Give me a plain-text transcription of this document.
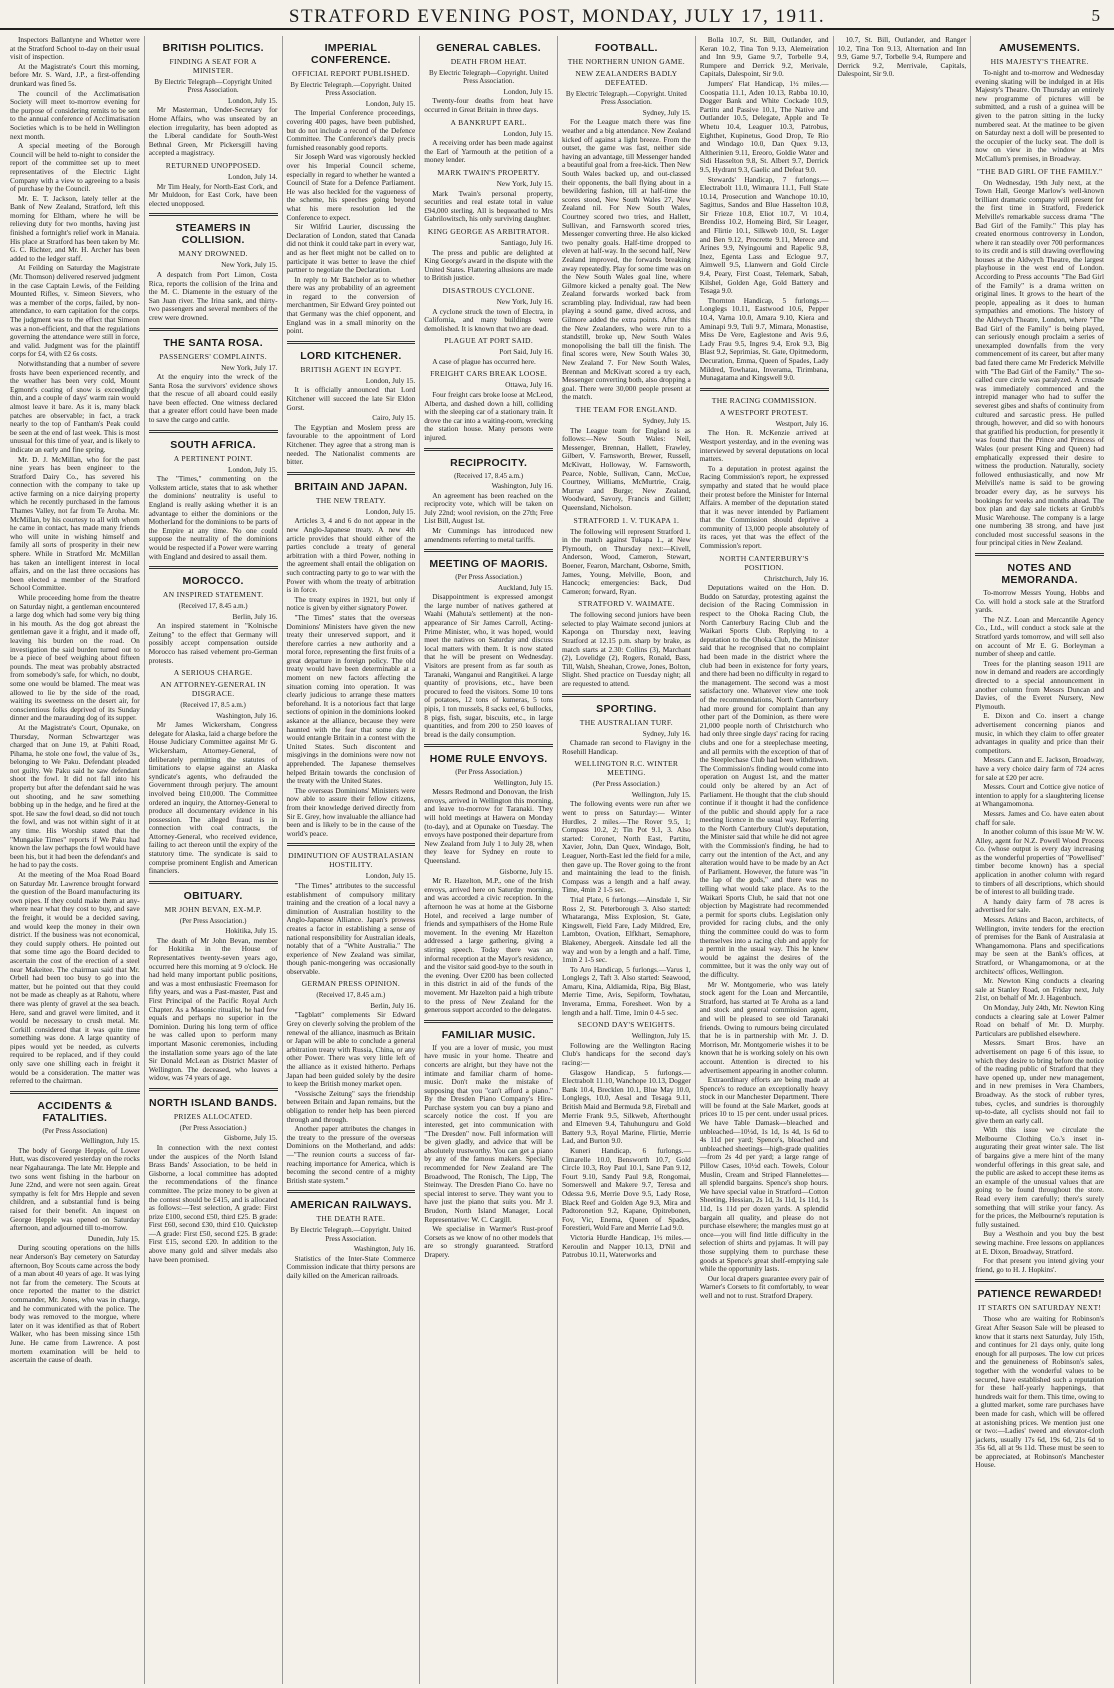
STRATFORD EVENING POST, MONDAY, JULY 17, 1911.	5

Inspectors Ballantyne and Whetter were at the Stratford School to-day on their usual visit of inspection.

At the Magistrate's Court this morning, before Mr. S. Ward, J.P., a first-offending drunkard was fined 5s.

The council of the Acclimatisation Society will meet to-morrow evening for the purpose of considering remits to be sent to the annual conference of Acclimatisation Societies which is to be held in Wellington next month.

A special meeting of the Borough Council will be held to-night to consider the report of the committee set up to meet representatives of the Electric Light Company with a view to agreeing to a basis of purchase by the Council.

Mr. E. T. Jackson, lately teller at the Bank of New Zealand, Stratford, left this morning for Eltham, where he will be relieving duty for two months, having just finished a fortnight's relief work in Manaia. His place at Stratford has been taken by Mr. G. C. Richter, and Mr. H. Archer has been added to the ledger staff.

At Feilding on Saturday the Magistrate (Mr. Thomson) delivered reserved judgment in the case Captain Lewis, of the Feilding Mounted Rifles, v. Simeon Sievers, who was a member of the corps, failed, by non-attendance, to earn capitation for the corps. The judgment was to the effect that Simeon was a non-efficient, and that the regulations governing the attendance were still in force, and valid. Judgment was for the plaintiff corps for £4, with £2 6s costs.

Notwithstanding that a number of severe frosts have been experienced recently, and the weather has been very cold, Mount Egmont's coating of snow is exceedingly thin, and a couple of days' warm rain would almost leave it bare. As it is, many black patches are observable; in fact, a track nearly to the top of Fantham's Peak could be seen at the end of last week. This is most unusual for this time of year, and is likely to indicate an early and fine spring.

Mr. D. J. McMillan, who for the past nine years has been engineer to the Stratford Dairy Co., has severed his connection with the company to take up active farming on a nice dairying property which he recently purchased in the famous Thames Valley, not far from Te Aroha. Mr. McMillan, by his courtesy to all with whom he came in contact, has made many friends who will unite in wishing himself and family all sorts of prosperity in their new sphere. While in Stratford Mr. McMillan has taken an intelligent interest in local affairs, and on the last three occasions has been elected a member of the Stratford School Committee.

While proceeding home from the theatre on Saturday night, a gentleman encountered a large dog which had some very big thing in his mouth. As the dog got abreast the gentleman gave it a fright, and it made off, leaving his burden on the road. On investigation the said burden turned out to be a piece of beef weighing about fifteen pounds. The meat was probably abstracted from somebody's safe, for which, no doubt, some one would be blamed. The meat was allowed to lie by the side of the road, waiting its sweetness on the desert air, for conscientious folks deprived of its Sunday dinner and the marauding dog of its supper.

At the Magistrate's Court, Opunake, on Thursday, Norman Schwartzger was charged that on June 19, at Pahiti Road, Pihama, he stole one fowl, the value of 3s., belonging to We Paku. Defendant pleaded not guilty. We Paku said he saw defendant shoot the fowl. It did not fall into his property but after the defendant said he was out shooting, and he saw something bobbing up in the hedge, and he fired at the spot. He saw the fowl dead, so did not touch the fowl, and was not within sight of it at any time. His Worship stated that the "Mungaike Times" reports if We Paku had known the law perhaps the fowl would have been his, but it had been the defendant's and he had to pay the costs.

At the meeting of the Moa Road Board on Saturday Mr. Lawrence brought forward the question of the Board manufacturing its own pipes. If they could make them at any-where near what they cost to buy, and save the freight, it would be a decided saving, and would keep the money in their own district. If the business was not economical, they could supply others. He pointed out that some time ago the Board decided to ascertain the cost of the erection of a steel near Makeitee. The chairman said that Mr. Orbell had been too busy to go into the matter, but he pointed out that they could not be made as cheaply as at Rahotu, where there was plenty of gravel at the sea beach. Here, sand and gravel were limited, and it would be necessary to crush metal. Mr. Corkill considered that it was quite time something was done. A large quantity of pipes would yet be needed, as culverts required to be replaced, and if they could only save one shilling each in freight it would be a consideration. The matter was referred to the chairman.

ACCIDENTS & FATALITIES.
(Per Press Association)
Wellington, July 15.

The body of George Hepple, of Lower Hutt, was discovered yesterday on the rocks near Ngahauranga. The late Mr. Hepple and two sons went fishing in the harbour on June 22nd, and were not seen again. Great sympathy is felt for Mrs Hepple and seven children, and a substantial fund is being raised for their benefit. An inquest on George Hepple was opened on Saturday afternoon, and adjourned till to-morrow.

Dunedin, July 15.

During scouting operations on the hills near Anderson's Bay cemetery on Saturday afternoon, Boy Scouts came across the body of a man about 40 years of age. It was lying not far from the cemetery. The Scouts at once reported the matter to the district commander, Mr. Jones, who was in charge, and he communicated with the police. The body was removed to the morgue, where later on it was identified as that of Robert Walker, who has been missing since 15th June. He came from Lawrence. A post mortem examination will be held to ascertain the cause of death.

BRITISH POLITICS.
FINDING A SEAT FOR A MINISTER.
By Electric Telegraph—Copyright United Press Association.
London, July 15.

Mr Masterman, Under-Secretary for Home Affairs, who was unseated by an election irregularity, has been adopted as the Liberal candidate for South-West Bethnal Green, Mr Pickersgill having accepted a magistracy.

RETURNED UNOPPOSED.
London, July 14.

Mr Tim Healy, for North-East Cork, and Mr Muldoon, for East Cork, have been elected unopposed.

STEAMERS IN COLLISION.
MANY DROWNED.
New York, July 15.

A despatch from Port Limon, Costa Rica, reports the collision of the Irina and the M. C. Diamente in the estuary of the San Juan river. The Irina sank, and thirty-two passengers and several members of the crew were drowned.

THE SANTA ROSA.
PASSENGERS' COMPLAINTS.
New York, July 17.

At the enquiry into the wreck of the Santa Rosa the survivors' evidence shows that the rescue of all aboard could easily have been effected. One witness declared that a greater effort could have been made to save the cargo and cattle.

SOUTH AFRICA.
A PERTINENT POINT.
London, July 15.

The "Times," commenting on the Volkstem article, states that to ask whether the dominions' neutrality is useful to England is really asking whether it is an advantage to either the dominions or the Motherland for the dominions to be parts of the Empire at any time. No one could suppose the neutrality of the dominions would be respected if a Power were warring with England and desired to assail them.

MOROCCO.
AN INSPIRED STATEMENT.
(Received 17, 8.45 a.m.)
Berlin, July 16.

An inspired statement in "Kolnische Zeitung" to the effect that Germany will possibly accept compensation outside Morocco has raised vehement pro-German protests.

A SERIOUS CHARGE.
AN ATTORNEY-GENERAL IN DISGRACE.
(Received 17, 8.5 a.m.)
Washington, July 16.

Mr James Wickersham, Congress delegate for Alaska, laid a charge before the House Judiciary Committee against Mr G. Wickersham, Attorney-General, of deliberately permitting the statutes of limitations to elapse against an Alaska syndicate's agents, who defrauded the Government through perjury. The amount involved being £10,000. The Committee ordered an inquiry, the Attorney-General to produce all documentary evidence in his possession. The alleged fraud is in connection with coal contracts, the Attorney-General, who received evidence, failing to act thereon until the expiry of the statutory time. The syndicate is said to comprise prominent English and American financiers.

OBITUARY.
MR JOHN BEVAN, EX-M.P.
(Per Press Association.)
Hokitika, July 15.

The death of Mr John Bevan, member for Hokitika in the House of Representatives twenty-seven years ago, occurred here this morning at 9 o'clock. He had held many important public positions, and was a most enthusiastic Freemason for fifty years, and was a Past-master, Past and First Principal of the Pacific Royal Arch Chapter. As a Masonic ritualist, he had few equals and perhaps no superior in the Dominion. During his long term of office he was called upon to perform many important Masonic ceremonies, including the installation some years ago of the late Sir Donald McLean as District Master of Wellington. The deceased, who leaves a widow, was 74 years of age.

NORTH ISLAND BANDS.
PRIZES ALLOCATED.
(Per Press Association.)
Gisborne, July 15.

In connection with the next contest under the auspices of the North Island Brass Bands' Association, to be held in Gisborne, a local committee has adopted the recommendations of the finance committee. The prize money to be given at the contest should be £415, and is allocated as follows:—Test selection, A grade: First prize £100, second £50, third £25. B grade: First £60, second £30, third £10. Quickstep—A grade: First £50, second £25. B grade: First £15, second £20. In addition to the above many gold and silver medals also have been promised.

IMPERIAL CONFERENCE.
OFFICIAL REPORT PUBLISHED.
By Electric Telegraph.—Copyright. United Press Association.
London, July 15.

The Imperial Conference proceedings, covering 400 pages, have been published, but do not include a record of the Defence Committee. The Conference's daily precis furnished reasonably good reports.

Sir Joseph Ward was vigorously heckled over his Imperial Council scheme, especially in regard to whether he wanted a Council of State for a Defence Parliament. He was also heckled for the vagueness of the scheme, his speeches going beyond what his mere resolution led the Conference to expect.

Sir Wilfrid Laurier, discussing the Declaration of London, stated that Canada did not think it could take part in every war, and as her fleet might not be called on to participate it was better to leave the chief partner to negotiate the Declaration.

In reply to Mr Batchelor as to whether there was any probability of an agreement in regard to the conversion of merchantmen, Sir Edward Grey pointed out that Germany was the chief opponent, and England was in a small minority on the point.

LORD KITCHENER.
BRITISH AGENT IN EGYPT.
London, July 15.

It is officially announced that Lord Kitchener will succeed the late Sir Eldon Gorst.

Cairo, July 15.

The Egyptian and Moslem press are favourable to the appointment of Lord Kitchener. They agree that a strong man is needed. The Nationalist comments are bitter.

BRITAIN AND JAPAN.
THE NEW TREATY.
London, July 15.

Articles 3, 4 and 6 do not appear in the new Anglo-Japanese treaty. A new 4th article provides that should either of the parties conclude a treaty of general arbitration with a third Power, nothing in the agreement shall entail the obligation on such contracting party to go to war with the Power with whom the treaty of arbitration is in force.

The treaty expires in 1921, but only if notice is given by either signatory Power.

"The Times" states that the overseas Dominions' Ministers have given the new treaty their unreserved support, and it therefore carries a new authority and a moral force, representing the first fruits of a great departure in foreign policy. The old treaty would have been determinable at a moment on new factors affecting the situation coming into operation. It was clearly judicious to arrange these matters beforehand. It is a notorious fact that large sections of opinion in the dominions looked askance at the alliance, because they were haunted with the fear that some day it would entangle Britain in a contest with the United States. Such discontent and misgivings in the dominions were now not apprehended. The Japanese themselves helped Britain towards the conclusion of the treaty with the United States.

The overseas Dominions' Ministers were now able to assure their fellow citizens, from their knowledge derived directly from Sir E. Grey, how invaluable the alliance had been and is likely to be in the cause of the world's peace.

DIMINUTION OF AUSTRALASIAN HOSTILITY.
London, July 15.

"The Times" attributes to the successful establishment of compulsory military training and the creation of a local navy a diminution of Australian hostility to the Anglo-Japanese Alliance. Japan's prowess creates a factor in establishing a sense of national responsibility for Australian ideals, notably that of a "White Australia." The experience of New Zealand was similar, though panic-mongering was occasionally observable.

GERMAN PRESS OPINION.
(Received 17, 8.45 a.m.)
Berlin, July 16.

"Tagblatt" complements Sir Edward Grey on cleverly solving the problem of the renewal of the alliance, inasmuch as Britain or Japan will be able to conclude a general arbitration treaty with Russia, China, or any other Power. There was very little left of the alliance as it existed hitherto. Perhaps Japan had been guided solely by the desire to keep the British money market open.

"Vossische Zeitung" says the friendship between Britain and Japan remains, but the obligation to render help has been pierced through and through.

Another paper attributes the changes in the treaty to the pressure of the overseas Dominions on the Motherland, and adds:—"The reunion courts a success of far-reaching importance for America, which is becoming the second centre of a mighty British state system."

AMERICAN RAILWAYS.
THE DEATH RATE.
By Electric Telegraph.—Copyright. United Press Association.
Washington, July 16.

Statistics of the Inter-State Commerce Commission indicate that thirty persons are daily killed on the American railroads.

GENERAL CABLES.
DEATH FROM HEAT.
By Electric Telegraph—Copyright. United Press Association.
London, July 15.

Twenty-four deaths from heat have occurred in Great Britain in three days.

A BANKRUPT EARL.
London, July 15.

A receiving order has been made against the Earl of Yarmouth at the petition of a money lender.

MARK TWAIN'S PROPERTY.
New York, July 15.

Mark Twain's personal property, securities and real estate total in value £94,000 sterling. All is bequeathed to Mrs Gabrilowitsch, his only surviving daughter.

KING GEORGE AS ARBITRATOR.
Santiago, July 16.

The press and public are delighted at King George's award in the dispute with the United States. Flattering allusions are made to British justice.

DISASTROUS CYCLONE.
New York, July 16.

A cyclone struck the town of Electra, in California, and many buildings were demolished. It is known that two are dead.

PLAGUE AT PORT SAID.
Port Said, July 16.

A case of plague has occurred here.

FREIGHT CARS BREAK LOOSE.
Ottawa, July 16.

Four freight cars broke loose at McLeod, Alberta, and dashed down a hill, colliding with the sleeping car of a stationary train. It drove the car into a waiting-room, wrecking the station house. Many persons were injured.

RECIPROCITY.
(Received 17, 8.45 a.m.)
Washington, July 16.

An agreement has been reached on the reciprocity vote, which will be taken on July 22nd; wool revision, on the 27th; Free List Bill, August 1st.

Mr Cummings has introduced new amendments referring to metal tariffs.

MEETING OF MAORIS.
(Per Press Association.)
Auckland, July 15.

Disappointment is expressed amongst the large number of natives gathered at Waahi (Mahuta's settlement) at the non-appearance of Sir James Carroll, Acting-Prime Minister, who, it was hoped, would meet the natives on Saturday and discuss local matters with them. It is now stated that he will be present on Wednesday. Visitors are present from as far south as Taranaki, Wanganui and Rangitikei. A large quantity of provisions, etc., have been procured to feed the visitors. Some 10 tons of potatoes, 12 tons of kumeras, 5 tons pipis, 1 ton mussels, 8 sacks eel, 6 bullocks, 8 pigs, fish, sugar, biscuits, etc., in large quantities, and from 200 to 250 loaves of bread is the daily consumption.

HOME RULE ENVOYS.
(Per Press Association.)
Wellington, July 15.

Messrs Redmond and Donovan, the Irish envoys, arrived in Wellington this morning, and leave to-morrow for Taranaki. They will hold meetings at Hawera on Monday (to-day), and at Opunake on Tuesday. The envoys have postponed their departure from New Zealand from July 1 to July 28, when they leave for Sydney en route to Queensland.

Gisborne, July 15.

Mr R. Hazelton, M.P., one of the Irish envoys, arrived here on Saturday morning, and was accorded a civic reception. In the afternoon he was at home at the Gisborne Hotel, and received a large number of friends and sympathisers of the Home Rule movement. In the evening Mr Hazelton addressed a large gathering, giving a stirring speech. Today there was an informal reception at the Mayor's residence, and the visitor said good-bye to the south in the evening. Over £200 has been collected in this district in aid of the funds of the movement. Mr Hazelton paid a high tribute to the press of New Zealand for the generous support accorded to the delegates.

FAMILIAR MUSIC.

If you are a lover of music, you must have music in your home. Theatre and concerts are alright, but they have not the intimate and familiar charm of home-music. Don't make the mistake of supposing that you "can't afford a piano." By the Dresden Piano Company's Hire-Purchase system you can buy a piano and scarcely notice the cost. If you are interested, get into communication with "The Dresden" now. Full information will be given gladly, and advice that will be absolutely trustworthy. You can get a piano by any of the famous makers. Specially recommended for New Zealand are The Broadwood, The Ronisch, The Lipp, The Steinway. The Dresden Piano Co. have no special interest to serve. They want you to have just the piano that suits you. Mr J. Brudon, North Island Manager, Local Representative: W. C. Cargill.

We specialise in Warmer's Rust-proof Corsets as we know of no other models that are so strongly guaranteed. Stratford Drapery.

FOOTBALL.
THE NORTHERN UNION GAME.
NEW ZEALANDERS BADLY DEFEATED.
By Electric Telegraph.—Copyright. United Press Association.
Sydney, July 15.

For the League match there was fine weather and a big attendance. New Zealand kicked off against a light breeze. From the outset, the game was fast, neither side having an advantage, till Messenger handed a beautiful goal from a free-kick. Then New South Wales backed up, and out-classed their opponents, the ball flying about in a bewildering fashion, till at half-time the scores stood, New South Wales 27, New Zealand nil. For New South Wales, Courtney scored two tries, and Hallett, Sullivan, and Farnsworth scored tries, Messenger converting three. He also kicked two penalty goals. Half-time dropped to eleven at half-way. In the second half, New Zealand improved, the forwards breaking away repeatedly. Play for some time was on the New South Wales goal line, where Gilmore kicked a penalty goal. The New Zealand forwards worked back from scrambling play. Individual, raw had been playing a sound game, dived across, and Gilmore added the extra points. After this the New Zealanders, who were run to a standstill, broke up, New South Wales monopolising the ball till the finish. The final scores were, New South Wales 30, New Zealand 7. For New South Wales, Brennan and McKivatt scored a try each, Messenger converting both, also dropping a goal. There were 30,000 people present at the match.

THE TEAM FOR ENGLAND.
Sydney, July 15.

The League team for England is as follows:—New South Wales: Neil, Messenger, Brennan, Hallett, Frawley, Gilbert, V. Farnsworth, Brewer, Russell, McKivatt, Holloway, W. Farnsworth, Pearce, Noble, Sullivan, Cann, McCue, Courtney, Williams, McMurtrie, Craig, Murray and Burge; New Zealand, Woodward, Savory, Francis and Gillett; Queensland, Nicholson.

STRATFORD 1. V. TUKAPA 1.

The following will represent Stratford 1. in the match against Tukapa 1., at New Plymouth, on Thursday next:—Kivell, Anderson, Wood, Cameron, Stewart, Boener, Fearon, Marchant, Osborne, Smith, James, Young, Melville, Boon, and Hancock; emergencies: Back, Dud Cameron; forward, Ryan.

STRATFORD V. WAIMATE.

The following second juniors have been selected to play Waimate second juniors at Kaponga on Thursday next, leaving Stratford at 12.15 p.m. sharp by brake, as match starts at 2.30: Collins (3), Marchant (2), Lovelidge (2), Rogers, Ronald, Bass, Till, Walsh, Sheahan, Crowe, Jones, Bolton, Slight. Shed practice on Tuesday night; all are requested to attend.

SPORTING.
THE AUSTRALIAN TURF.
Sydney, July 16.

Chamade ran second to Flavigny in the Rosehill Handicap.

WELLINGTON R.C. WINTER MEETING.
(Per Press Association.)
Wellington, July 15.

The following events were run after we went to press on Saturday:— Winter Hurdles, 2 miles.—The Rover 9.5, 1; Compass 10.2, 2; Tin Pot 9.1, 3. Also started: Coronet, North East, Partitu, Xavier, John, Dan Quex, Windago, Bolt, Leaguer, North-East led the field for a mile, then gave up. The Rover going to the front and maintaining the lead to the finish. Compass was a length and a half away. Time, 4min 2 1-5 sec.

Trial Plate, 6 furlongs.—Ainsdale 1, Sir Ross 2, St. Peterborough 3. Also started: Whataranga, Miss Explosion, St. Gate, Kingswell, Field Fare, Lady Mildred, Ere, Lambton, Ovation, Elfkhart, Semaphore, Blakeney, Abergeek. Ainsdale led all the way and won by a length and a half. Time, 1min 2 1-5 sec.

To Aro Handicap, 5 furlongs.—Varus 1, Longlegs 2, Taft 3. Also started: Seawood, Amaru, Kina, Aldiamida, Ripa, Big Blast, Merrie Time, Avis, Sepiform, Towhatau, Inverama, Emma, Foresheet. Won by a length and a half. Time, 1min 0 4-5 sec.

SECOND DAY'S WEIGHTS.
Wellington, July 15.

Following are the Wellington Racing Club's handicaps for the second day's racing:—

Glasgow Handicap, 5 furlongs.—Electrabolt 11.10, Wanchope 10.13, Dogger Bank 10.4, Brecklen 10.1, Blue May 10.0, Longlegs, 10.0, Aesal and Tesaga 9.11, British Maid and Bermuda 9.8, Fireball and Merrie Frank 9.5, Silkweb, Afterthought and Elmeven 9.4, Tahuhunguru and Gold Battery 9.3, Royal Marine, Flirtie, Merrie Lad, and Burton 9.0.

Kuneri Handicap, 6 furlongs.—Cimarelle 10.0, Bensworth 10.7, Gold Circle 10.3, Roy Paul 10.1, Sane Pan 9.12, Fourt 9.10, Sandy Paul 9.8, Rongomai, Somerswell and Makere 9.7, Teresa and Odessa 9.6, Merrie Dove 9.5, Lady Rose, Black Reef and Golden Age 9.3, Mira and Padtoronetion 9.2, Kapane, Opitrebonen, Fov, Vic, Enema, Queen of Spades, Forestieri, Wold Fare and Merrie Lad 9.0.

Victoria Hurdle Handicap, 1½ miles.—Keroulin and Napper 10.13, D'Nil and Patrobus 10.11, Waterworks and

Bolla 10.7, St. Bill, Outlander, and Keran 10.2, Tina Ton 9.13, Alemeiration and Inn 9.9, Game 9.7, Torbelle 9.4, Rumpere and Derrick 9.2, Merivale, Capitals, Dalespoint, Sir 9.0.

Jumpers' Flat Handicap, 1½ miles.—Coospatia 11.1, Aden 10.13, Rabba 10.10, Dogger Bank and White Cockade 10.9, Partitu and Passive 10.1, The Native and Outlander 10.5, Delegate, Apple and Te Whetu 10.4, Leaguer 10.3, Patrobus, Eighthet, Kupinetus, Good Drop, Te Rio and Windago 10.0, Dan Quex 9.13, Altherinien 9.11, Ereoro, Goldie Water and Sidi Hasselton 9.8, St. Albert 9.7, Derrick 9.5, Hydrant 9.3, Gaelic and Defeat 9.0.

Stewards' Handicap, 7 furlongs.—Electrabolt 11.0, Wimaura 11.1, Full State 10.14, Prosecution and Wanchope 10.10, Sagittus, Sandos and Blue Hasselton 10.8, Sir Frieze 10.8, Eliot 10.7, Vi 10.4, Brendiss 10.2, Homeing Bird, Sir Leager, and Flirtie 10.1, Silkweb 10.0, St. Leger and Ben 9.12, Procrette 9.11, Merece and Arines 9.9, Nyingoumi and Rapelic 9.8, Inez, Egenta Lass and Eclogue 9.7, Aimwell 9.5, Llanwern and Gold Circle 9.4, Peary, First Coast, Telemark, Sabah, Kilshel, Golden Age, Gold Battery and Tesaga 9.0.

Thornton Handicap, 5 furlongs.—Longlegs 10.11, Eastwood 10.6, Pepper 10.4, Varna 10.0, Amara 9.10, Kiera and Aminapi 9.9, Tuli 9.7, Mimara, Monastise, Miss De Vere, Eaglestone and Avis 9.6, Lady Frau 9.5, Ingres 9.4, Erok 9.3, Big Blast 9.2, Seprimias, St. Gate, Opitmedorm, Decuration, Emma, Queen of Spades, Lady Mildred, Towhatau, Inverama, Tirimbana, Munagatama and Kingswell 9.0.

THE RACING COMMISSION.
A WESTPORT PROTEST.
Westport, July 16.

The Hon. R. McKenzie arrived at Westport yesterday, and in the evening was interviewed by several deputations on local matters.

To a deputation in protest against the Racing Commission's report, he expressed sympathy and stated that he would place their protest before the Minister for Internal Affairs. A member of the deputation stated that it was never intended by Parliament that the Commission should deprive a community of 13,000 people absolutely of its races, yet that was the effect of the Commission's report.

NORTH CANTERBURY'S POSITION.
Christchurch, July 16.

Deputations waited on the Hon. D. Buddo on Saturday, protesting against the decision of the Racing Commission in respect to the Ohoka Racing Club, the North Canterbury Racing Club and the Waikari Sports Club. Replying to a deputation to the Ohoka Club, the Minister said that he recognised that no complaint had been made in the district where the club had been in existence for forty years, and there had been no difficulty in regard to the management. The second was a most satisfactory one. Whatever view one took of the recommendations, North Canterbury had more ground for complaint than any other part of the Dominion, as there were 21,000 people north of Christchurch who had only three single days' racing for racing clubs and one for a steeplechase meeting, and all permits with the exception of that of the Steeplechase Club had been withdrawn. The Commission's finding would come into operation on August 1st, and the matter could only be altered by an Act of Parliament. He thought that the club should continue if it thought it had the confidence of the public and should apply for a race meeting licence in the usual way. Referring to the North Canterbury Club's deputation, the Minister said that while he did not agree with the Commission's finding, he had to carry out the intention of the Act, and any alteration would have to be made by an Act of Parliament. However, the future was "in the lap of the gods," and there was no telling what would take place. As to the Waikari Sports Club, he said that not one objection by Magistrate had recommended a permit for sports clubs. Legislation only provided for racing clubs, and the only thing the committee could do was to form themselves into a racing club and apply for a permit in the usual way. This he knew would be against the desires of the committee, but it was the only way out of the difficulty.

Mr W. Montgomerie, who was lately stock agent for the Loan and Mercantile, Stratford, has started at Te Aroha as a land and stock and general commission agent, and will be pleased to see old Taranaki friends. Owing to rumours being circulated that he is in partnership with Mr. J. D. Morrison, Mr. Montgomerie wishes it to be known that he is working solely on his own account. Attention is directed to his advertisement appearing in another column.

Extraordinary efforts are being made at Spence's to reduce an exceptionally heavy stock in our Manchester Department. There will be found at the Sale Market, goods at prices 10 to 15 per cent. under usual prices. We have Table Damask—bleached and unbleached—10½d, 1s 1d, 1s 4d, 1s 6d to 4s 11d per yard; Spence's, bleached and unbleached sheetings—high-grade qualities—from 2s 4d per yard; a large range of Pillow Cases, 10½d each. Towels, Colour Muslin, Cream and Striped Flannelettes—all splendid bargains. Spence's shop hours. We have special value in Stratford—Cotton Sheeting, Hessian, 2s 1d, 3s 11d, 1s 11d, 1s 11d, 1s 11d per dozen yards. A splendid bargain all quality, and please do not purchase elsewhere; the mangles must go at once—you will find little difficulty in the selection of shirts and pyjamas. It will pay those supplying them to purchase these goods at Spence's great shelf-emptying sale while the opportunity lasts.

Our local drapers guarantee every pair of Warner's Corsets to fit comfortably, to wear well and not to rust. Stratford Drapery.

10.7, St. Bill, Outlander, and Ranger 10.2, Tina Ton 9.13, Alternation and Inn 9.9, Game 9.7, Torbelle 9.4, Rumpere and Derrick 9.2, Merrivale, Capitals, Dalespoint, Sir 9.0.

AMUSEMENTS.
HIS MAJESTY'S THEATRE.

To-night and to-morrow and Wednesday evening skating will be indulged in at His Majesty's Theatre. On Thursday an entirely new programme of pictures will be submitted, and a rush of a guinea will be given to the patron sitting in the lucky numbered seat. At the matinee to be given on Saturday next a doll will be presented to the occupier of the lucky seat. The doll is now on view in the window at Mrs McCallum's premises, in Broadway.

"THE BAD GIRL OF THE FAMILY."

On Wednesday, 19th July next, at the Town Hall, George Marlow's well-known brilliant dramatic company will present for the first time in Stratford, Frederick Melville's remarkable success drama "The Bad Girl of the Family." This play has created enormous controversy in London, where it ran steadily over 700 performances to its credit and is still drawing overflowing houses at the Aldwych Theatre, the largest playhouse in the west end of London. According to Press accounts "The Bad Girl of the Family" is a drama written on original lines. It grows to the heart of the people, appealing as it does to human sympathies and emotions. The history of the Aldwych Theatre, London, where "The Bad Girl of the Family" is being played, can seriously enough proclaim a series of unexampled downfalls from the very commencement of its career, but after many bad fated there came Mr Frederick Melville with "The Bad Girl of the Family." The so-called cure circle was paralyzed. A crusade was immediately commenced and the intrepid manager who had to suffer the severest gibes and shafts of continuity from cultured and sarcastic press. He pulled through, however, and did so with honours that gratified his production, for presently it was found that the Prince and Princess of Wales (our present King and Queen) had emphatically expressed their desire to witness the production. Naturally, society followed enthusiastically, and now Mr Melville's name is said to be growing broader every day, as he surveys his bookings for weeks and months ahead. The box plan and day sale tickets at Grubb's Music Warehouse. The company is a large one numbering 38 strong, and have just concluded most successful seasons in the four principal cities in New Zealand.

NOTES AND MEMORANDA.

To-morrow Messrs Young, Hobbs and Co. will hold a stock sale at the Stratford yards.

The N.Z. Loan and Mercantile Agency Co., Ltd., will conduct a stock sale at the Stratford yards tomorrow, and will sell also on account of Mr E. G. Borleyman a number of sheep and cattle.

Trees for the planting season 1911 are now in demand and readers are accordingly directed to a special announcement in another column from Messrs Duncan and Davies, of the Everet Nursery, New Plymouth.

E. Dixon and Co. insert a change advertisement concerning pianos and music, in which they claim to offer greater advantages in quality and price than their competitors.

Messrs. Cann and E. Jackson, Broadway, have a very choice dairy farm of 724 acres for sale at £20 per acre.

Messrs. Court and Cottice give notice of intention to apply for a slaughtering license at Whangamomona.

Messrs. James and Co. have eaten about chaff for sale.

In another column of this issue Mr W. W. Alley, agent for N.Z. Powell Wood Process Co. (whose output is every day increasing as the wonderful properties of "Powellised" timber become known) has a special application in another column with regard to timbers of all descriptions, which should be of interest to all building trade.

A handy dairy farm of 78 acres is advertised for sale.

Messrs. Atkins and Bacon, architects, of Wellington, invite tenders for the erection of premises for the Bank of Australasia at Whangamomona. Plans and specifications may be seen at the Bank's offices, at Stratford, or Whangamomona, or at the architects' offices, Wellington.

Mr. Newton King conducts a clearing sale at Stanley Road, on Friday next, July 21st, on behalf of Mr. J. Hagenbuch.

On Monday, July 24th, Mr. Newton King conducts a clearing sale at Lower Palmer Road on behalf of Mr. D. Murphy. Particulars are published elsewhere.

Messrs. Smart Bros. have an advertisement on page 6 of this issue, to which they desire to bring before the notice of the reading public of Stratford that they have opened up, under new management, and in new premises in Vera Chambers, Broadway. As the stock of rubber tyres, tubes, cycles, and sundries is thoroughly up-to-date, all cyclists should not fail to give them an early call.

With this issue we circulate the Melbourne Clothing Co.'s inset in-augurating their great winter sale. The list of bargains give a mere hint of the many wonderful offerings in this great sale, and the public are asked to accept these items as an example of the unusual values that are going to be found throughout the store. Read every item carefully; there's surely something that will strike your fancy. As for the prices, the Melbourne's reputation is fully sustained.

Buy a Westhoin and you buy the best sewing machine. Free lessons on appliances at E. Dixon, Broadway, Stratford.

For that present you intend giving your friend, go to H. J. Hopkins'.

PATIENCE REWARDED!
IT STARTS ON SATURDAY NEXT!

Those who are waiting for Robinson's Great After Season Sale will be pleased to know that it starts next Saturday, July 15th, and continues for 21 days only, quite long enough for all purposes. The low cut prices and the genuineness of Robinson's sales, together with the wonderful values to be secured, have established such a reputation for these half-yearly happenings, that hundreds wait for them. This time, owing to a glutted market, some rare purchases have been made for cash, which will be offered at astonishing prices. We mention just one or two:—Ladies' tweed and elevator-cloth jackets, usually 17s 6d, 19s 6d, 21s 6d to 35s 6d, all at 9s 11d. These must be seen to be appreciated, at Robinson's Manchester House.
